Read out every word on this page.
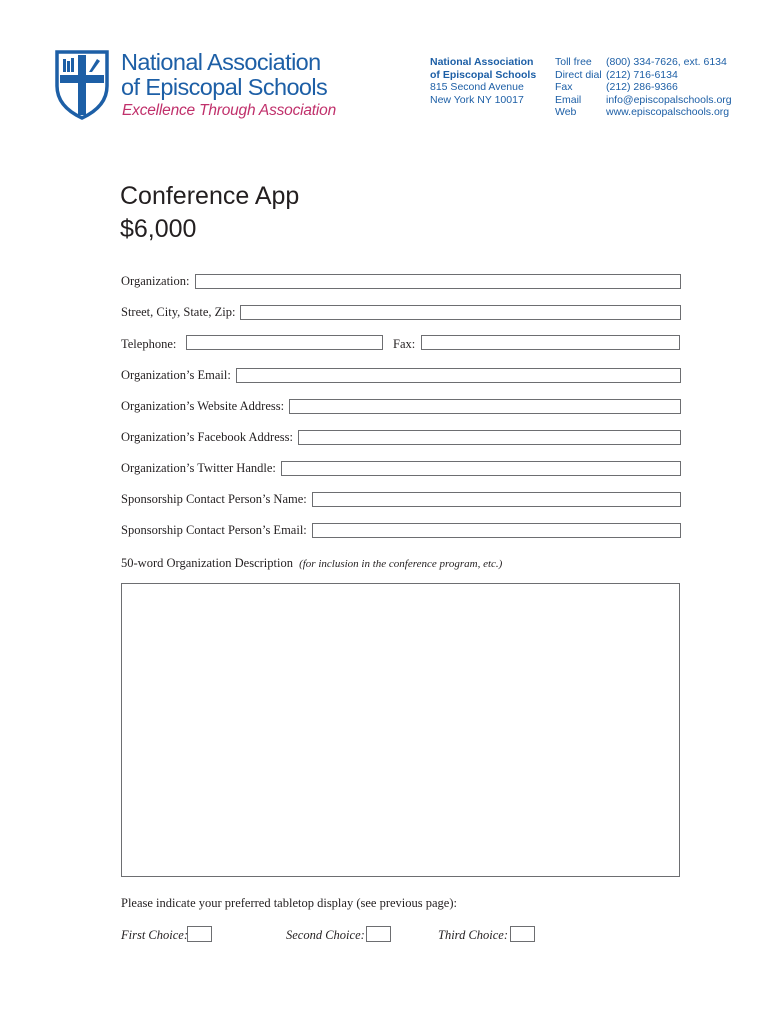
National Association
of Episcopal Schools
Excellence Through Association
National Association
of Episcopal Schools
815 Second Avenue
New York NY 10017
Toll free	(800) 334-7626, ext. 6134
Direct dial (212) 716-6134
Fax	(212) 286-9366
Email	info@episcopalschools.org
Web	www.episcopalschools.org
Conference App
$6,000
Organization:
Street, City, State, Zip:
Telephone:	Fax:
Organization’s Email:
Organization’s Website Address:
Organization’s Facebook Address:
Organization’s Twitter Handle:
Sponsorship Contact Person’s Name:
Sponsorship Contact Person’s Email:
50-word Organization Description (for inclusion in the conference program, etc.)
Please indicate your preferred tabletop display (see previous page):
First Choice:	Second Choice:	Third Choice:
